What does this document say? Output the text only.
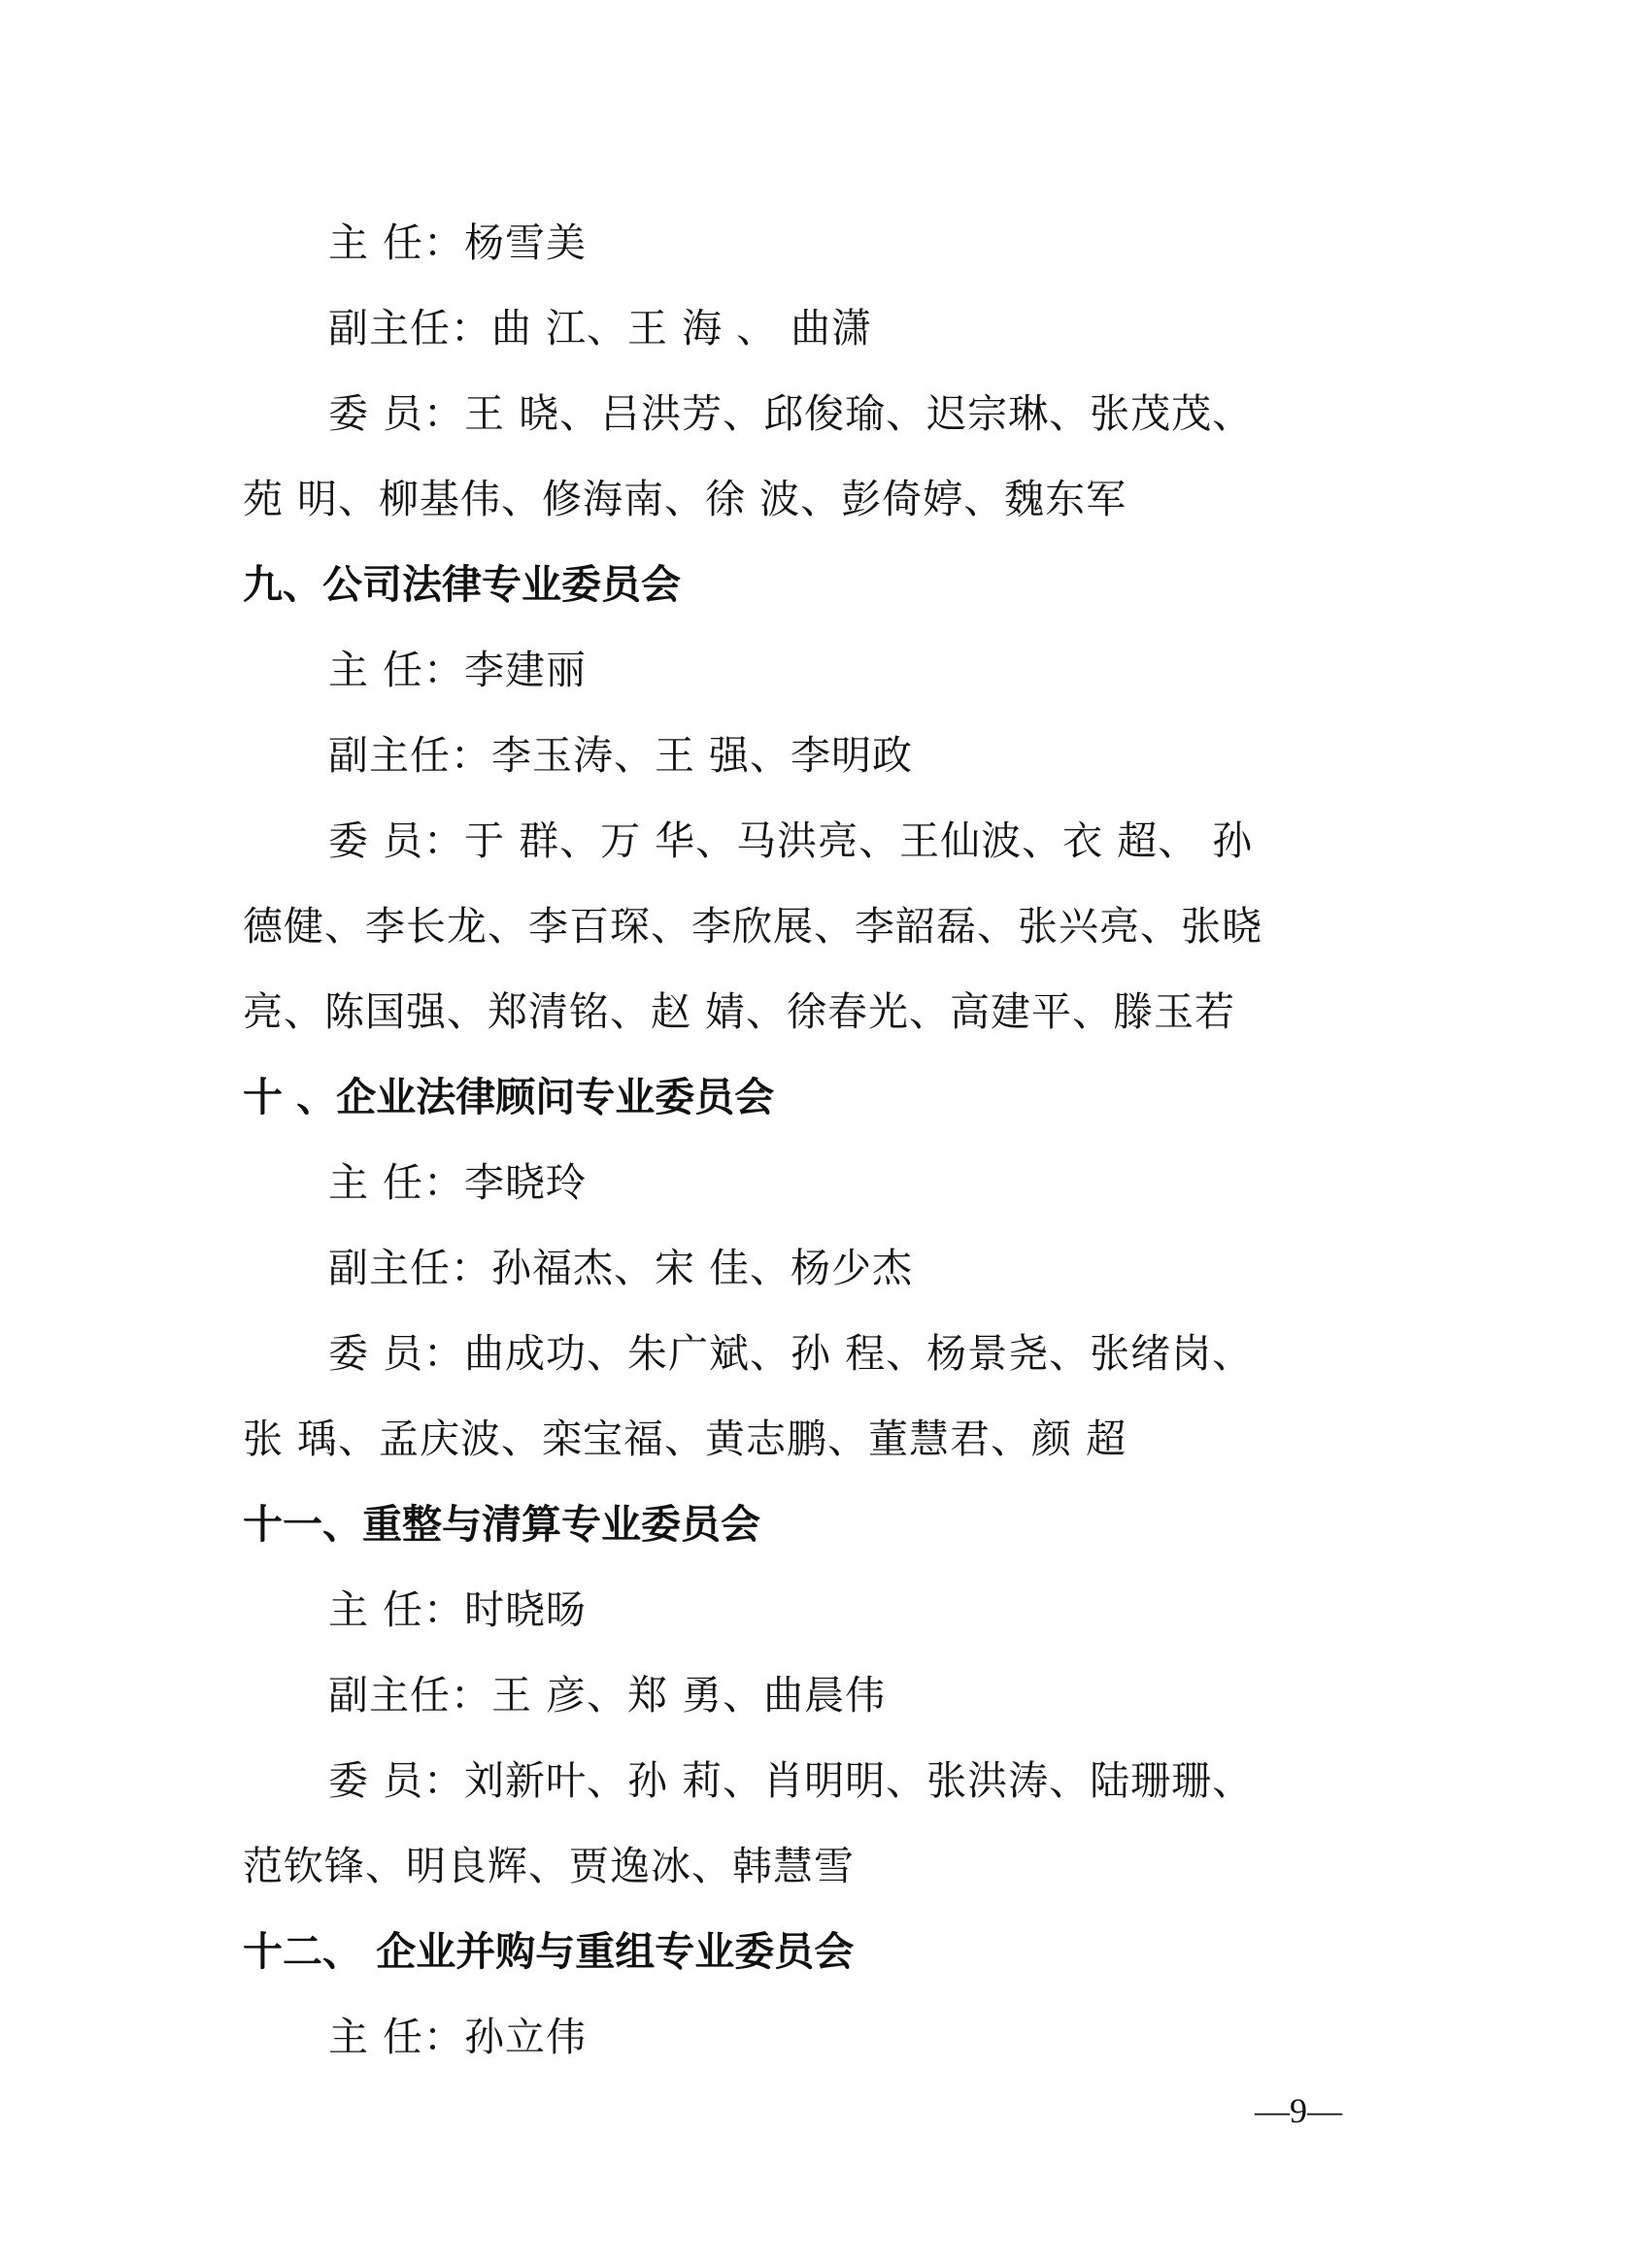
主 任：杨雪美
副主任：曲 江、王 海 、 曲潇
委 员：王 晓、吕洪芳、邱俊瑜、迟宗琳、张茂茂、
苑 明、柳基伟、修海南、徐 波、彭倚婷、魏东军
九、公司法律专业委员会
主 任：李建丽
副主任：李玉涛、王 强、李明政
委 员：于 群、万 华、马洪亮、王仙波、衣 超、 孙
德健、李长龙、李百琛、李欣展、李韶磊、张兴亮、张晓
亮、陈国强、郑清铭、赵 婧、徐春光、高建平、滕玉若
十 、企业法律顾问专业委员会
主 任：李晓玲
副主任：孙福杰、宋 佳、杨少杰
委 员：曲成功、朱广斌、孙 程、杨景尧、张绪岗、
张 瑀、孟庆波、栾宝福、黄志鹏、董慧君、颜 超
十一、重整与清算专业委员会
主 任：时晓旸
副主任：王 彦、郑 勇、曲晨伟
委 员：刘新叶、孙 莉、肖明明、张洪涛、陆珊珊、
范钦锋、明良辉、贾逸冰、韩慧雪
十二、 企业并购与重组专业委员会
主 任：孙立伟
—9—
